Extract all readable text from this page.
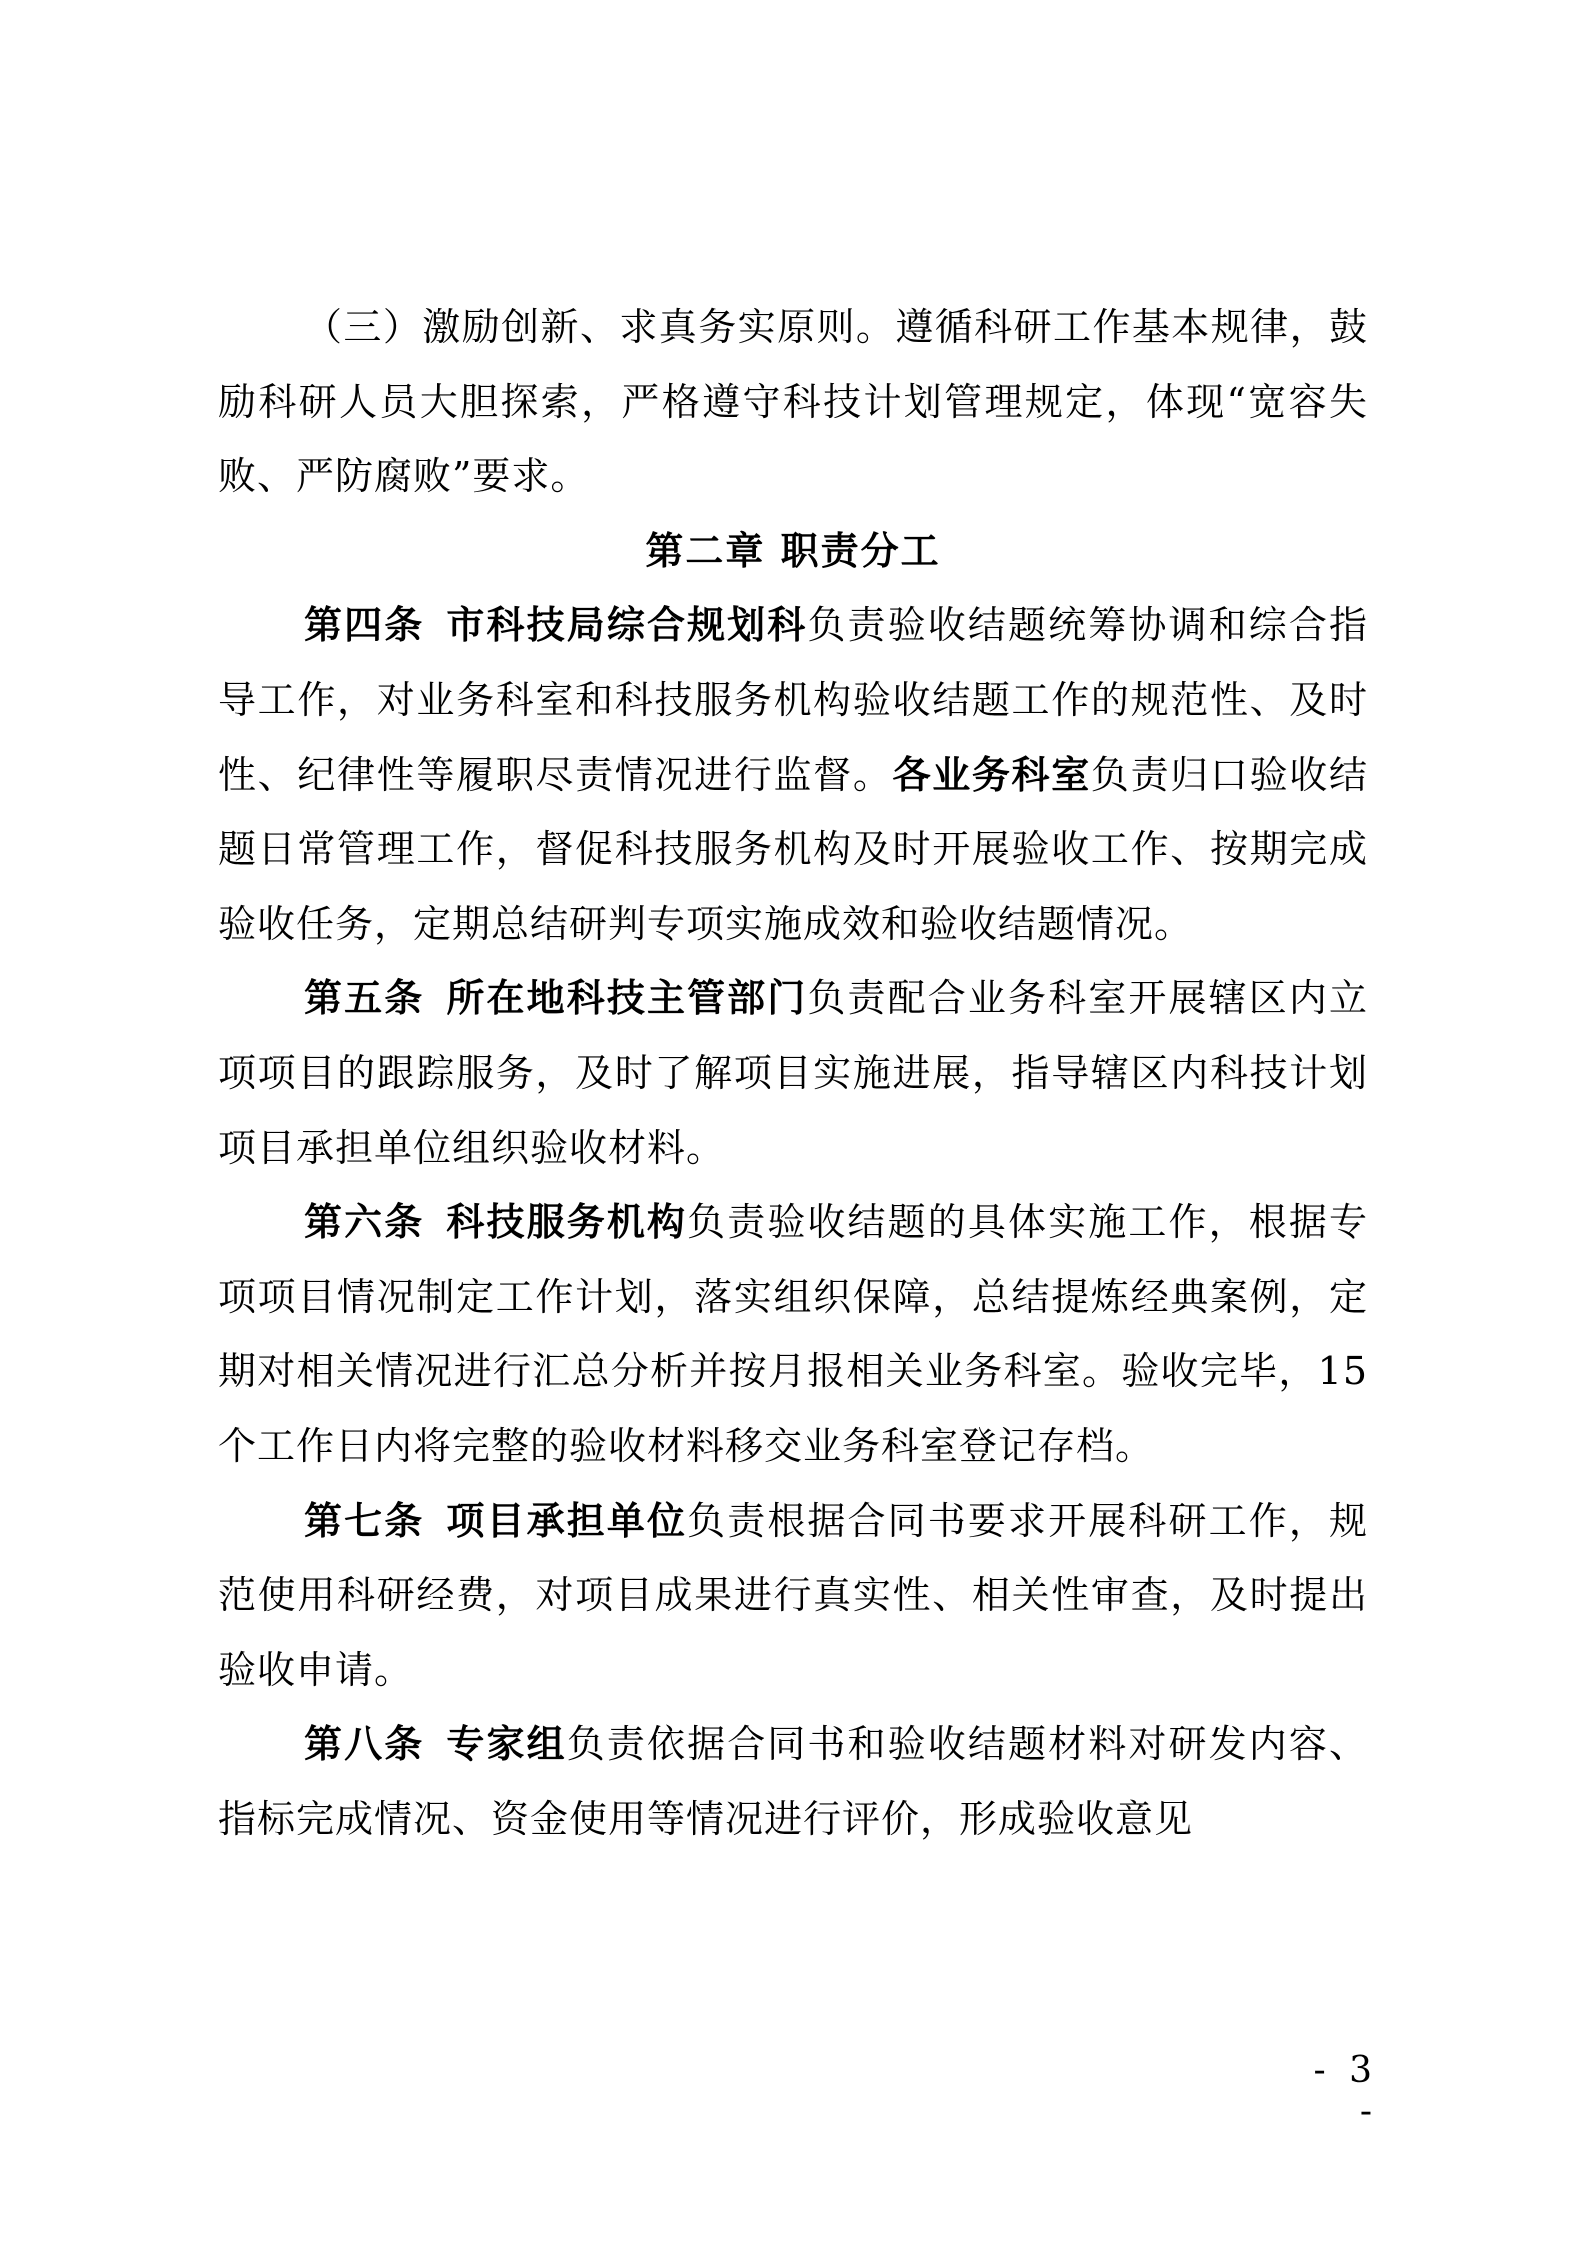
（三）激励创新、求真务实原则。遵循科研工作基本规律，鼓励科研人员大胆探索，严格遵守科技计划管理规定，体现“宽容失败、严防腐败”要求。

第二章 职责分工

第四条 市科技局综合规划科负责验收结题统筹协调和综合指导工作，对业务科室和科技服务机构验收结题工作的规范性、及时性、纪律性等履职尽责情况进行监督。各业务科室负责归口验收结题日常管理工作，督促科技服务机构及时开展验收工作、按期完成验收任务，定期总结研判专项实施成效和验收结题情况。

第五条 所在地科技主管部门负责配合业务科室开展辖区内立项项目的跟踪服务，及时了解项目实施进展，指导辖区内科技计划项目承担单位组织验收材料。

第六条 科技服务机构负责验收结题的具体实施工作，根据专项项目情况制定工作计划，落实组织保障，总结提炼经典案例，定期对相关情况进行汇总分析并按月报相关业务科室。验收完毕，15个工作日内将完整的验收材料移交业务科室登记存档。

第七条 项目承担单位负责根据合同书要求开展科研工作，规范使用科研经费，对项目成果进行真实性、相关性审查，及时提出验收申请。

第八条 专家组负责依据合同书和验收结题材料对研发内容、指标完成情况、资金使用等情况进行评价，形成验收意见

- 3 -
